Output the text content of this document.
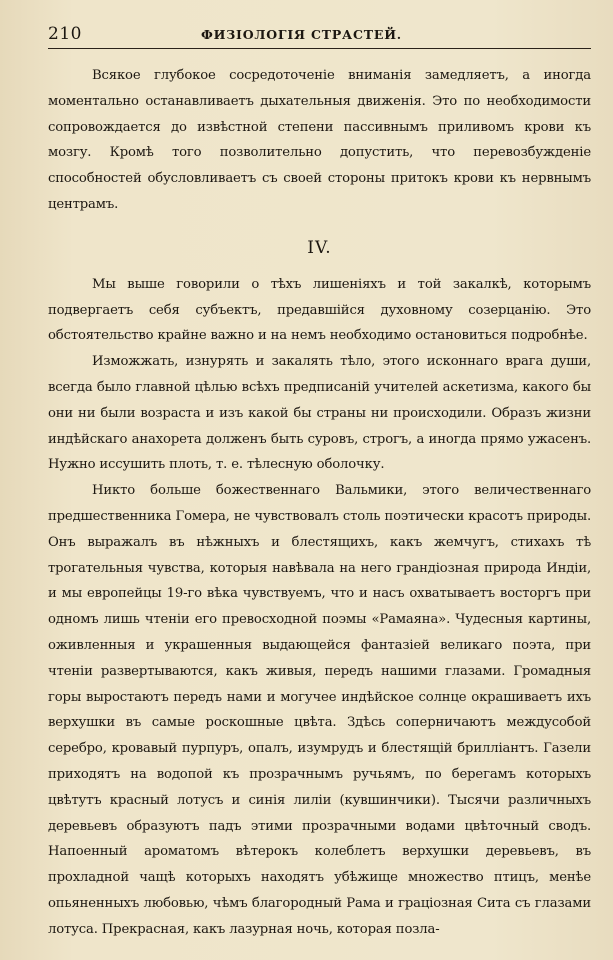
210	ФИЗІОЛОГІЯ СТРАСТЕЙ.

Всякое глубокое сосредоточеніе вниманія замедляетъ, а иногда моментально останавливаетъ дыхательныя движенія. Это по необходимости сопровождается до извѣстной степени пассивнымъ приливомъ крови къ мозгу. Кромѣ того позволительно допустить, что перевозбужденіе способностей обусловливаетъ съ своей стороны притокъ крови къ нервнымъ центрамъ.

IV.

Мы выше говорили о тѣхъ лишеніяхъ и той закалкѣ, которымъ подвергаетъ себя субъектъ, предавшійся духовному созерцанію. Это обстоятельство крайне важно и на немъ необходимо остановиться подробнѣе.

Изможжать, изнурять и закалять тѣло, этого исконнаго врага души, всегда было главной цѣлью всѣхъ предписаній учителей аскетизма, какого бы они ни были возраста и изъ какой бы страны ни происходили. Образъ жизни индѣйскаго анахорета долженъ быть суровъ, строгъ, а иногда прямо ужасенъ. Нужно иссушить плоть, т. е. тѣлесную оболочку.

Никто больше божественнаго Вальмики, этого величественнаго предшественника Гомера, не чувствовалъ столь поэтически красотъ природы. Онъ выражалъ въ нѣжныхъ и блестящихъ, какъ жемчугъ, стихахъ тѣ трогательныя чувства, которыя навѣвала на него грандіозная природа Индіи, и мы европейцы 19-го вѣка чувствуемъ, что и насъ охватываетъ восторгъ при одномъ лишь чтеніи его превосходной поэмы «Рамаяна». Чудесныя картины, оживленныя и украшенныя выдающейся фантазіей великаго поэта, при чтеніи развертываются, какъ живыя, передъ нашими глазами. Громадныя горы выростаютъ передъ нами и могучее индѣйское солнце окрашиваетъ ихъ верхушки въ самые роскошные цвѣта. Здѣсь соперничаютъ междусобой серебро, кровавый пурпуръ, опалъ, изумрудъ и блестящій бриллiантъ. Газели приходятъ на водопой къ прозрачнымъ ручьямъ, по берегамъ которыхъ цвѣтутъ красный лотусъ и синія лиліи (кувшинчики). Тысячи различныхъ деревьевъ образуютъ падъ этими прозрачными водами цвѣточный сводъ. Напоенный ароматомъ вѣтерокъ колеблетъ верхушки деревьевъ, въ прохладной чащѣ которыхъ находятъ убѣжище множество птицъ, менѣе опьяненныхъ любовью, чѣмъ благородный Рама и граціозная Сита съ глазами лотуса. Прекрасная, какъ лазурная ночь, которая позла-
